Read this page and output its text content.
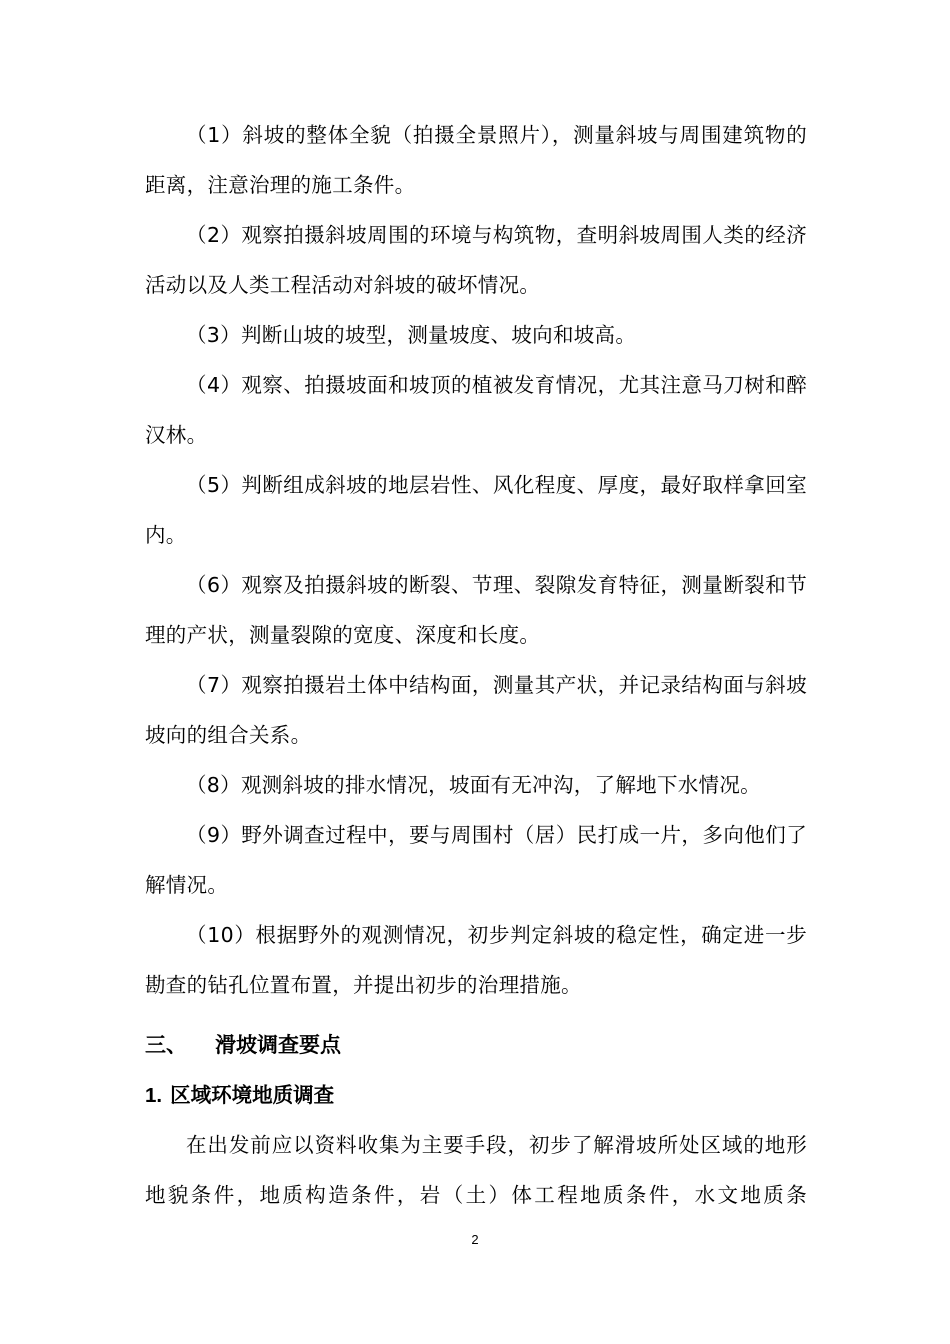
（1）斜坡的整体全貌（拍摄全景照片），测量斜坡与周围建筑物的距离，注意治理的施工条件。

（2）观察拍摄斜坡周围的环境与构筑物，查明斜坡周围人类的经济活动以及人类工程活动对斜坡的破坏情况。

（3）判断山坡的坡型，测量坡度、坡向和坡高。

（4）观察、拍摄坡面和坡顶的植被发育情况，尤其注意马刀树和醉汉林。

（5）判断组成斜坡的地层岩性、风化程度、厚度，最好取样拿回室内。

（6）观察及拍摄斜坡的断裂、节理、裂隙发育特征，测量断裂和节理的产状，测量裂隙的宽度、深度和长度。

（7）观察拍摄岩土体中结构面，测量其产状，并记录结构面与斜坡坡向的组合关系。

（8）观测斜坡的排水情况，坡面有无冲沟，了解地下水情况。

（9）野外调查过程中，要与周围村（居）民打成一片，多向他们了解情况。

（10）根据野外的观测情况，初步判定斜坡的稳定性，确定进一步勘查的钻孔位置布置，并提出初步的治理措施。

三、 滑坡调查要点
1. 区域环境地质调查

在出发前应以资料收集为主要手段，初步了解滑坡所处区域的地形地貌条件，地质构造条件，岩（土）体工程地质条件，水文地质条

2
